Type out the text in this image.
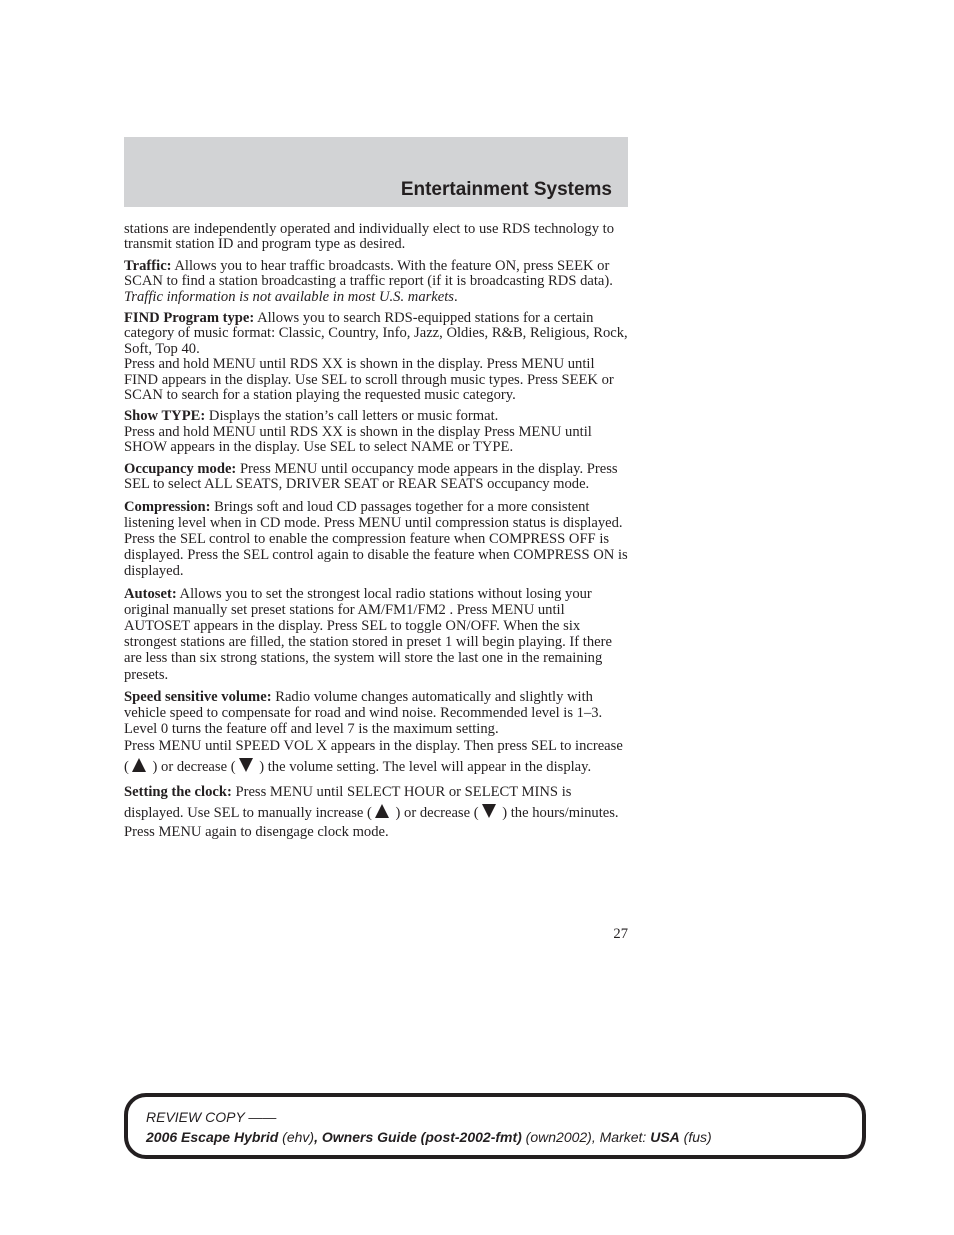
Entertainment Systems

stations are independently operated and individually elect to use RDS technology to transmit station ID and program type as desired.

Traffic: Allows you to hear traffic broadcasts. With the feature ON, press SEEK or SCAN to find a station broadcasting a traffic report (if it is broadcasting RDS data). Traffic information is not available in most U.S. markets.

FIND Program type: Allows you to search RDS-equipped stations for a certain category of music format: Classic, Country, Info, Jazz, Oldies, R&B, Religious, Rock, Soft, Top 40.
Press and hold MENU until RDS XX is shown in the display. Press MENU until FIND appears in the display. Use SEL to scroll through music types. Press SEEK or SCAN to search for a station playing the requested music category.

Show TYPE: Displays the station’s call letters or music format.
Press and hold MENU until RDS XX is shown in the display Press MENU until SHOW appears in the display. Use SEL to select NAME or TYPE.

Occupancy mode: Press MENU until occupancy mode appears in the display. Press SEL to select ALL SEATS, DRIVER SEAT or REAR SEATS occupancy mode.

Compression: Brings soft and loud CD passages together for a more consistent listening level when in CD mode. Press MENU until compression status is displayed. Press the SEL control to enable the compression feature when COMPRESS OFF is displayed. Press the SEL control again to disable the feature when COMPRESS ON is displayed.

Autoset: Allows you to set the strongest local radio stations without losing your original manually set preset stations for AM/FM1/FM2 . Press MENU until AUTOSET appears in the display. Press SEL to toggle ON/OFF. When the six strongest stations are filled, the station stored in preset 1 will begin playing. If there are less than six strong stations, the system will store the last one in the remaining presets.

Speed sensitive volume: Radio volume changes automatically and slightly with vehicle speed to compensate for road and wind noise. Recommended level is 1–3. Level 0 turns the feature off and level 7 is the maximum setting.
Press MENU until SPEED VOL X appears in the display. Then press SEL to increase ( ) or decrease ( ) the volume setting. The level will appear in the display.

Setting the clock: Press MENU until SELECT HOUR or SELECT MINS is displayed. Use SEL to manually increase ( ) or decrease ( ) the hours/minutes. Press MENU again to disengage clock mode.

27

REVIEW COPY ——

2006 Escape Hybrid (ehv), Owners Guide (post-2002-fmt) (own2002), Market: USA (fus)
